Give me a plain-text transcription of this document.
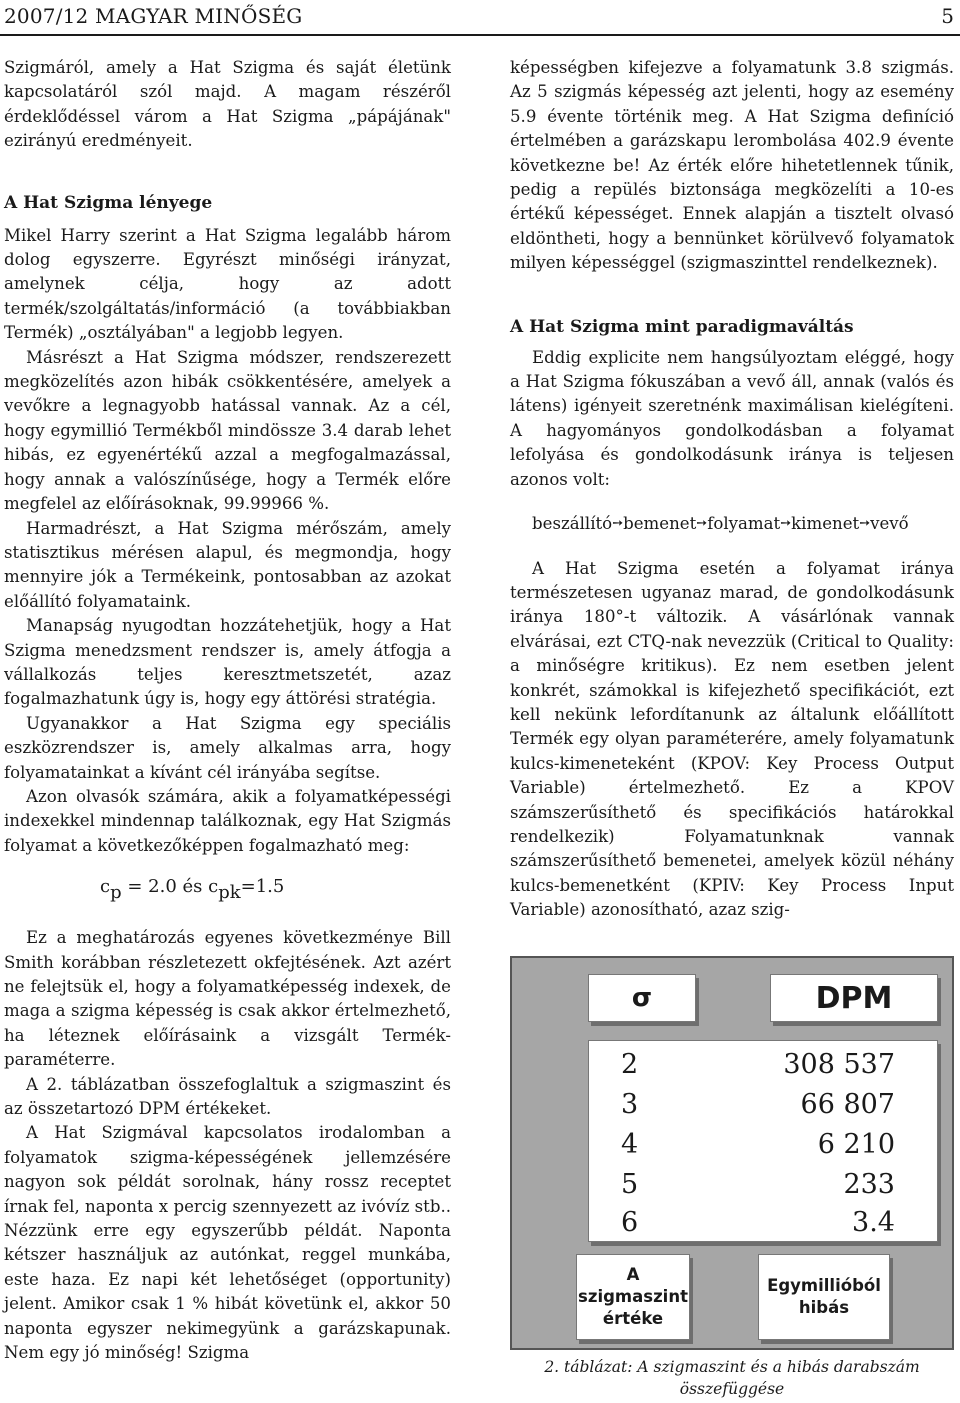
2007/12 MAGYAR MINŐSÉG	5

Szigmáról, amely a Hat Szigma és saját életünk kapcsolatáról szól majd. A magam részéről érdeklődéssel várom a Hat Szigma „pápájának" ezirányú eredményeit.

A Hat Szigma lényege

Mikel Harry szerint a Hat Szigma legalább három dolog egyszerre. Egyrészt minőségi irányzat, amelynek célja, hogy az adott termék/szolgáltatás/információ (a továbbiakban Termék) „osztályában" a legjobb legyen.

Másrészt a Hat Szigma módszer, rendszerezett megközelítés azon hibák csökkentésére, amelyek a vevőkre a legnagyobb hatással vannak. Az a cél, hogy egymillió Termékből mindössze 3.4 darab lehet hibás, ez egyenértékű azzal a megfogalmazással, hogy annak a valószínűsége, hogy a Termék előre megfelel az előírásoknak, 99.99966 %.

Harmadrészt, a Hat Szigma mérőszám, amely statisztikus mérésen alapul, és megmondja, hogy mennyire jók a Termékeink, pontosabban az azokat előállító folyamataink.

Manapság nyugodtan hozzátehetjük, hogy a Hat Szigma menedzsment rendszer is, amely átfogja a vállalkozás teljes keresztmetszetét, azaz fogalmazhatunk úgy is, hogy egy áttörési stratégia.

Ugyanakkor a Hat Szigma egy speciális eszközrendszer is, amely alkalmas arra, hogy folyamatainkat a kívánt cél irányába segítse.

Azon olvasók számára, akik a folyamatképességi indexekkel mindennap találkoznak, egy Hat Szigmás folyamat a következőképpen fogalmazható meg:

$c_p = 2.0$ és $c_{pk}=1.5$

Ez a meghatározás egyenes következménye Bill Smith korábban részletezett okfejtésének. Azt azért ne felejtsük el, hogy a folyamatképesség indexek, de maga a szigma képesség is csak akkor értelmezhető, ha léteznek előírásaink a vizsgált Termék-paraméterre.

A 2. táblázatban összefoglaltuk a szigmaszint és az összetartozó DPM értékeket.

A Hat Szigmával kapcsolatos irodalomban a folyamatok szigma-képességének jellemzésére nagyon sok példát sorolnak, hány rossz receptet írnak fel, naponta x percig szennyezett az ivóvíz stb.. Nézzünk erre egy egyszerűbb példát. Naponta kétszer használjuk az autónkat, reggel munkába, este haza. Ez napi két lehetőséget (opportunity) jelent. Amikor csak 1 % hibát követünk el, akkor 50 naponta egyszer nekimegyünk a garázskapunak. Nem egy jó minőség! Szigma

képességben kifejezve a folyamatunk 3.8 szigmás. Az 5 szigmás képesség azt jelenti, hogy az esemény 5.9 évente történik meg. A Hat Szigma definíció értelmében a garázskapu lerombolása 402.9 évente következne be! Az érték előre hihetetlennek tűnik, pedig a repülés biztonsága megközelíti a 10-es értékű képességet. Ennek alapján a tisztelt olvasó eldöntheti, hogy a bennünket körülvevő folyamatok milyen képességgel (szigmaszinttel rendelkeznek).

A Hat Szigma mint paradigmaváltás

Eddig explicite nem hangsúlyoztam eléggé, hogy a Hat Szigma fókuszában a vevő áll, annak (valós és látens) igényeit szeretnénk maximálisan kielégíteni. A hagyományos gondolkodásban a folyamat lefolyása és gondolkodásunk iránya is teljesen azonos volt:

beszállító➙bemenet➙folyamat➙kimenet➙vevő

A Hat Szigma esetén a folyamat iránya természetesen ugyanaz marad, de gondolkodásunk iránya 180°-t változik. A vásárlónak vannak elvárásai, ezt CTQ-nak nevezzük (Critical to Quality: a minőségre kritikus). Ez nem esetben jelent konkrét, számokkal is kifejezhető specifikációt, ezt kell nekünk lefordítanunk az általunk előállított Termék egy olyan paraméterére, amely folyamatunk kulcs-kimeneteként (KPOV: Key Process Output Variable) értelmezhető. Ez a KPOV számszerűsíthető és specifikációs határokkal rendelkezik) Folyamatunknak vannak számszerűsíthető bemenetei, amelyek közül néhány kulcs-bemenetként (KPIV: Key Process Input Variable) azonosítható, azaz szig-

σ	DPM
2	308 537
3	66 807
4	6 210
5	233
6	3.4
A
szigmaszint
értéke
Egymillióból
hibás
2. táblázat: A szigmaszint és a hibás darabszám
összefüggése
